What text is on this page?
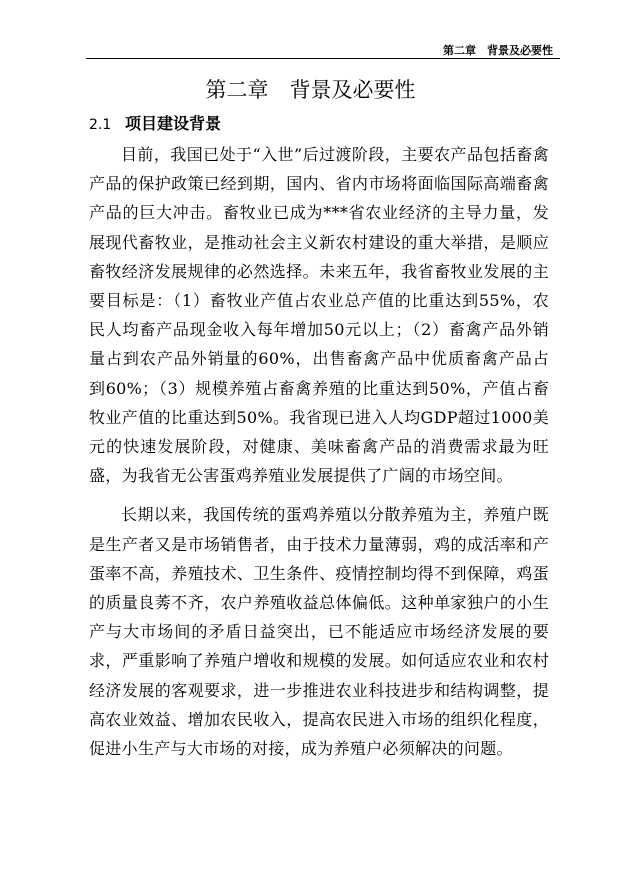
第二章　背景及必要性
第二章　背景及必要性
2.1 项目建设背景

目前，我国已处于“入世”后过渡阶段，主要农产品包括畜禽产品的保护政策已经到期，国内、省内市场将面临国际高端畜禽产品的巨大冲击。畜牧业已成为***省农业经济的主导力量，发展现代畜牧业，是推动社会主义新农村建设的重大举措，是顺应畜牧经济发展规律的必然选择。未来五年，我省畜牧业发展的主要目标是：（1）畜牧业产值占农业总产值的比重达到55%，农民人均畜产品现金收入每年增加50元以上；（2）畜禽产品外销量占到农产品外销量的60%，出售畜禽产品中优质畜禽产品占到60%；（3）规模养殖占畜禽养殖的比重达到50%，产值占畜牧业产值的比重达到50%。我省现已进入人均GDP超过1000美元的快速发展阶段，对健康、美味畜禽产品的消费需求最为旺盛，为我省无公害蛋鸡养殖业发展提供了广阔的市场空间。

长期以来，我国传统的蛋鸡养殖以分散养殖为主，养殖户既是生产者又是市场销售者，由于技术力量薄弱，鸡的成活率和产蛋率不高，养殖技术、卫生条件、疫情控制均得不到保障，鸡蛋的质量良莠不齐，农户养殖收益总体偏低。这种单家独户的小生产与大市场间的矛盾日益突出，已不能适应市场经济发展的要求，严重影响了养殖户增收和规模的发展。如何适应农业和农村经济发展的客观要求，进一步推进农业科技进步和结构调整，提高农业效益、增加农民收入，提高农民进入市场的组织化程度，促进小生产与大市场的对接，成为养殖户必须解决的问题。
